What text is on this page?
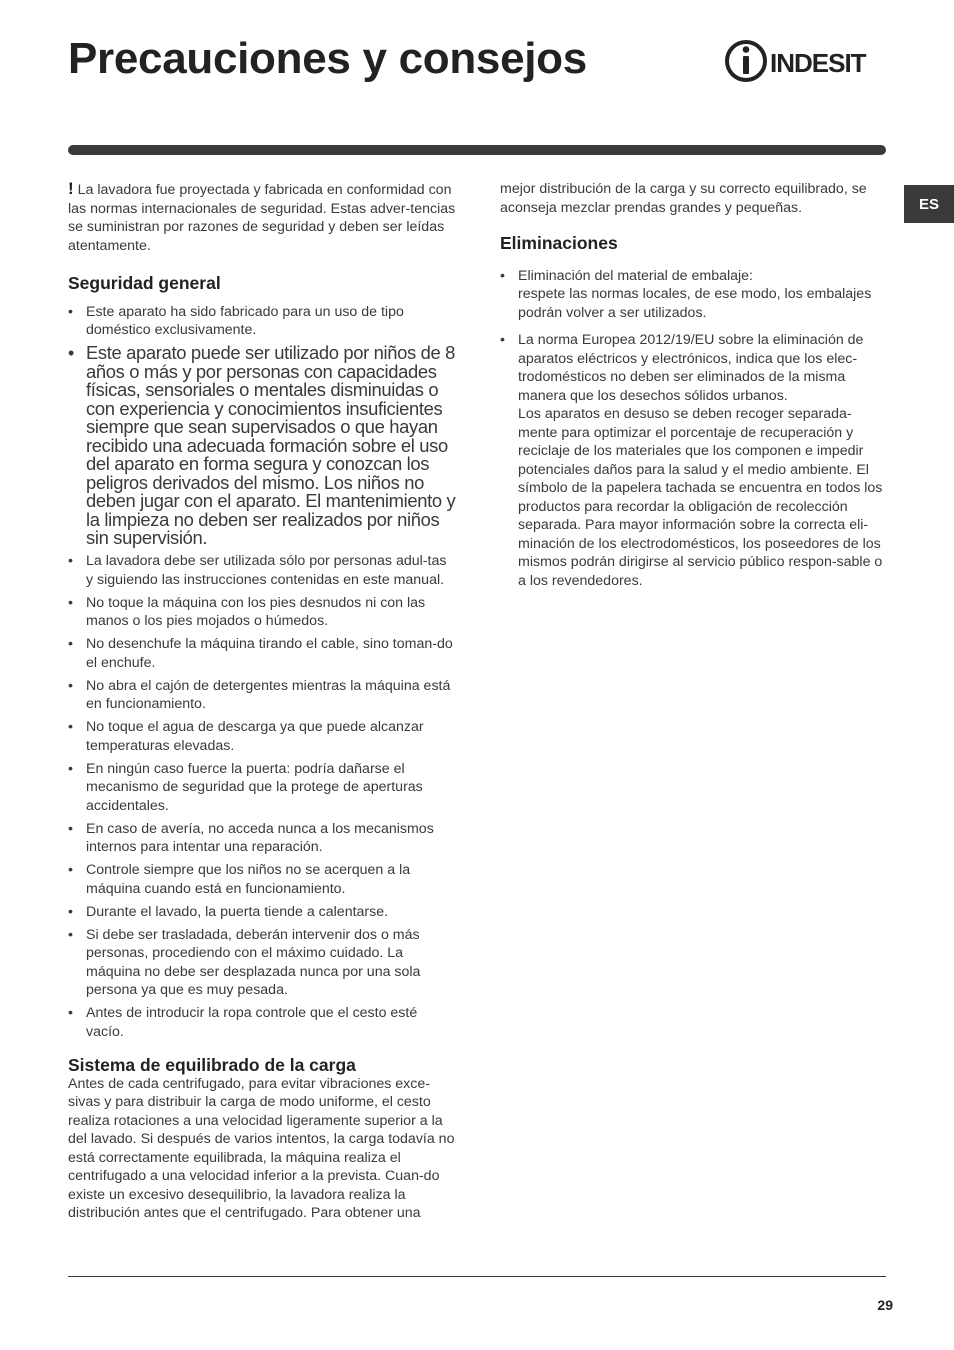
Precauciones y consejos	INDESIT
ES

! La lavadora fue proyectada y fabricada en conformidad con las normas internacionales de seguridad. Estas adver-tencias se suministran por razones de seguridad y deben ser leídas atentamente.

Seguridad general
• Este aparato ha sido fabricado para un uso de tipo doméstico exclusivamente.
• Este aparato puede ser utilizado por niños de 8 años o más y por personas con capacidades físicas, sensoriales o mentales disminuidas o con experiencia y conocimientos insuficientes siempre que sean supervisados o que hayan recibido una adecuada formación sobre el uso del aparato en forma segura y conozcan los peligros derivados del mismo. Los niños no deben jugar con el aparato. El mantenimiento y la limpieza no deben ser realizados por niños sin supervisión.
• La lavadora debe ser utilizada sólo por personas adul-tas y siguiendo las instrucciones contenidas en este manual.
• No toque la máquina con los pies desnudos ni con las manos o los pies mojados o húmedos.
• No desenchufe la máquina tirando el cable, sino toman-do el enchufe.
• No abra el cajón de detergentes mientras la máquina está en funcionamiento.
• No toque el agua de descarga ya que puede alcanzar temperaturas elevadas.
• En ningún caso fuerce la puerta: podría dañarse el mecanismo de seguridad que la protege de aperturas accidentales.
• En caso de avería, no acceda nunca a los mecanismos internos para intentar una reparación.
• Controle siempre que los niños no se acerquen a la máquina cuando está en funcionamiento.
• Durante el lavado, la puerta tiende a calentarse.
• Si debe ser trasladada, deberán intervenir dos o más personas, procediendo con el máximo cuidado. La máquina no debe ser desplazada nunca por una sola persona ya que es muy pesada.
• Antes de introducir la ropa controle que el cesto esté vacío.
Sistema de equilibrado de la carga

Antes de cada centrifugado, para evitar vibraciones exce-sivas y para distribuir la carga de modo uniforme, el cesto realiza rotaciones a una velocidad ligeramente superior a la del lavado. Si después de varios intentos, la carga todavía no está correctamente equilibrada, la máquina realiza el centrifugado a una velocidad inferior a la prevista. Cuan-do existe un excesivo desequilibrio, la lavadora realiza la distribución antes que el centrifugado. Para obtener una

mejor distribución de la carga y su correcto equilibrado, se aconseja mezclar prendas grandes y pequeñas.

Eliminaciones
• Eliminación del material de embalaje:
respete las normas locales, de ese modo, los embalajes podrán volver a ser utilizados.
• La norma Europea 2012/19/EU sobre la eliminación de aparatos eléctricos y electrónicos, indica que los elec-trodomésticos no deben ser eliminados de la misma manera que los desechos sólidos urbanos.
Los aparatos en desuso se deben recoger separada-mente para optimizar el porcentaje de recuperación y reciclaje de los materiales que los componen e impedir potenciales daños para la salud y el medio ambiente. El símbolo de la papelera tachada se encuentra en todos los productos para recordar la obligación de recolección separada. Para mayor información sobre la correcta eli-minación de los electrodomésticos, los poseedores de los mismos podrán dirigirse al servicio público respon-sable o a los revendedores.
29
